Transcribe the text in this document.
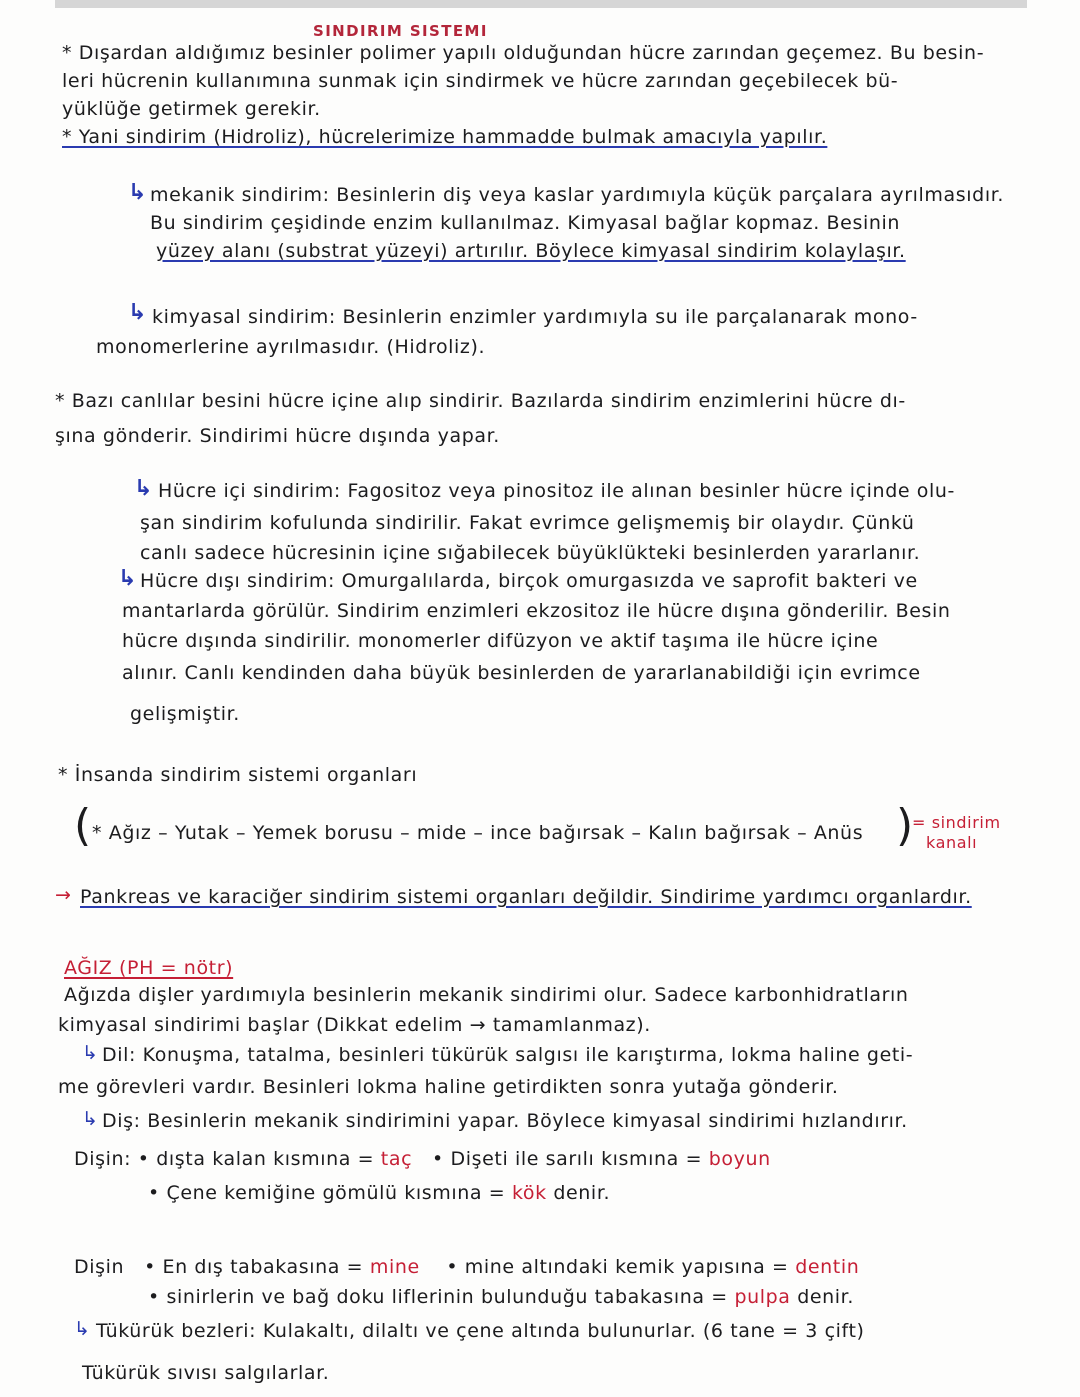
SINDIRIM SISTEMI
* Dışardan aldığımız besinler polimer yapılı olduğundan hücre zarından geçemez. Bu besin-
leri hücrenin kullanımına sunmak için sindirmek ve hücre zarından geçebilecek bü-
yüklüğe getirmek gerekir.
* Yani sindirim (Hidroliz), hücrelerimize hammadde bulmak amacıyla yapılır.
↳ mekanik sindirim: Besinlerin diş veya kaslar yardımıyla küçük parçalara ayrılmasıdır.
Bu sindirim çeşidinde enzim kullanılmaz. Kimyasal bağlar kopmaz. Besinin
yüzey alanı (substrat yüzeyi) artırılır. Böylece kimyasal sindirim kolaylaşır.
↳ kimyasal sindirim: Besinlerin enzimler yardımıyla su ile parçalanarak mono-
monomerlerine ayrılmasıdır. (Hidroliz).
* Bazı canlılar besini hücre içine alıp sindirir. Bazılarda sindirim enzimlerini hücre dı-
şına gönderir. Sindirimi hücre dışında yapar.
↳ Hücre içi sindirim: Fagositoz veya pinositoz ile alınan besinler hücre içinde olu-
şan sindirim kofulunda sindirilir. Fakat evrimce gelişmemiş bir olaydır. Çünkü
canlı sadece hücresinin içine sığabilecek büyüklükteki besinlerden yararlanır.
↳ Hücre dışı sindirim: Omurgalılarda, birçok omurgasızda ve saprofit bakteri ve
mantarlarda görülür. Sindirim enzimleri ekzositoz ile hücre dışına gönderilir. Besin
hücre dışında sindirilir. monomerler difüzyon ve aktif taşıma ile hücre içine
alınır. Canlı kendinden daha büyük besinlerden de yararlanabildiği için evrimce
gelişmiştir.
* İnsanda sindirim sistemi organları
( * Ağız – Yutak – Yemek borusu – mide – ince bağırsak – Kalın bağırsak – Anüs )
= sindirim
kanalı
→ Pankreas ve karaciğer sindirim sistemi organları değildir. Sindirime yardımcı organlardır.
AĞIZ (PH = nötr)
Ağızda dişler yardımıyla besinlerin mekanik sindirimi olur. Sadece karbonhidratların
kimyasal sindirimi başlar (Dikkat edelim → tamamlanmaz).
↳ Dil: Konuşma, tatalma, besinleri tükürük salgısı ile karıştırma, lokma haline geti-
me görevleri vardır. Besinleri lokma haline getirdikten sonra yutağa gönderir.
↳ Diş: Besinlerin mekanik sindirimini yapar. Böylece kimyasal sindirimi hızlandırır.
Dişin: • dışta kalan kısmına = taç • Dişeti ile sarılı kısmına = boyun
• Çene kemiğine gömülü kısmına = kök denir.
Dişin • En dış tabakasına = mine • mine altındaki kemik yapısına = dentin
• sinirlerin ve bağ doku liflerinin bulunduğu tabakasına = pulpa denir.
↳ Tükürük bezleri: Kulakaltı, dilaltı ve çene altında bulunurlar. (6 tane = 3 çift)
Tükürük sıvısı salgılarlar.
